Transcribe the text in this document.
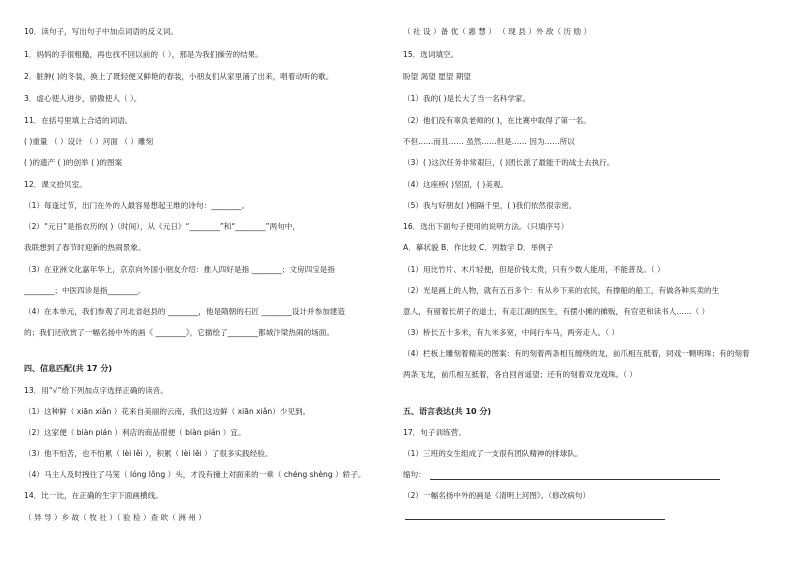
10．读句子，写出句子中加点词语的反义词。
1．妈妈的手很粗糙，再也找不回以前的（ ），那是为我们操劳的结果。
2．脏肿( )的冬装，换上了既轻便又鲜艳的春装，小朋友们从家里涌了出来，唱着动听的歌。
3．虚心使人进步，骄傲使人（ ）。
11．在括号里填上合适的词语。
( )重量 （ ）设计 （ ）河面 （ ）雕刻
( )的遗产 ( )的创举 ( )的图案
12．课文拾贝室。
（1）每逢过节，出门在外的人最容易想起王维的诗句：________。
（2）“元日”是指农历的( )（时间），从《元日》“________”和“________”两句中，
我联想到了春节时迎新的热闹景象。
（3）在亚洲文化嘉年华上，京京向外国小朋友介绍：推人四好是指 ________；文房四宝是指
________；中医四诊是指________。
（4）在本单元，我们参观了河北省赵县的 ________，他是隋朝的石匠 ________设计并参加建造
的；我们还欣赏了一幅名扬中外的画《 ________》，它描绘了________都城汴梁热闹的场面。
四、信息匹配(共 17 分)
13．用“√”给下列加点字选择正确的读音。
（1）这种鲜（ xiān xiǎn ）花来自美丽的云南，我们这边鲜（ xiān xiǎn）少见到。
（2）这家便（ biàn pián ）利店的商品很便（ biàn pián ）宜。
（3）他不怕苦，也不怕累（ lèi lěi ），积累（ lèi lěi ）了很多实践经验。
（4）马主人及时拽住了马笼（ lóng lǒng ）头，才没有撞上对面来的一乘（ chéng shèng ）轿子。
14．比一比，在正确的生字下面画横线。
（ 异 导 ）乡 故（ 牧 社 ）（ 验 检 ）查 欧（ 洲 州 ）
（ 社 设 ）备 优（ 惠 慧 ） （ 现 县 ）外 敌（ 历 励 ）
15．选词填空。
盼望 渴望 愿望 期望
（1）我的( )是长大了当一名科学家。
（2）他们没有辜负老师的( )，在比赛中取得了第一名。
不但……而且…… 虽然……但是…… 因为……所以
（3）( )这次任务非常艰巨，( )团长派了最能干的战士去执行。
（4）这座桥( )坚固，( )美观。
（5）我与好朋友( )相隔千里，( )我们依然很亲密。
16．选出下面句子使用的说明方法。（只填序号）
A．摹状貌 B．作比较 C．列数字 D．举例子
（1）用比竹片、木片轻便，但是价钱太贵，只有少数人能用，不能普及。（ ）
（2）光是画上的人物，就有五百多个：有从乡下来的农民，有撑船的船工，有做各种买卖的生
意人，有留着长胡子的道士，有走江湖的医生，有摆小摊的摊贩，有官吏和读书人……（ ）
（3）桥长五十多米，有九米多宽，中间行车马，两旁走人。（ ）
（4）栏板上雕刻着精美的图案：有的刻着两条相互缠绕的龙，前爪相互抵着，同戏一颗明珠；有的刻着
两条飞龙，前爪相互抵着，各自回首遥望；还有的刻着双龙戏珠。（ ）
五、语言表达(共 10 分)
17．句子训练营。
（1）三班的女生组成了一支很有团队精神的排球队。
缩句：
（2）一幅名扬中外的画是《清明上河图》。（修改病句）
